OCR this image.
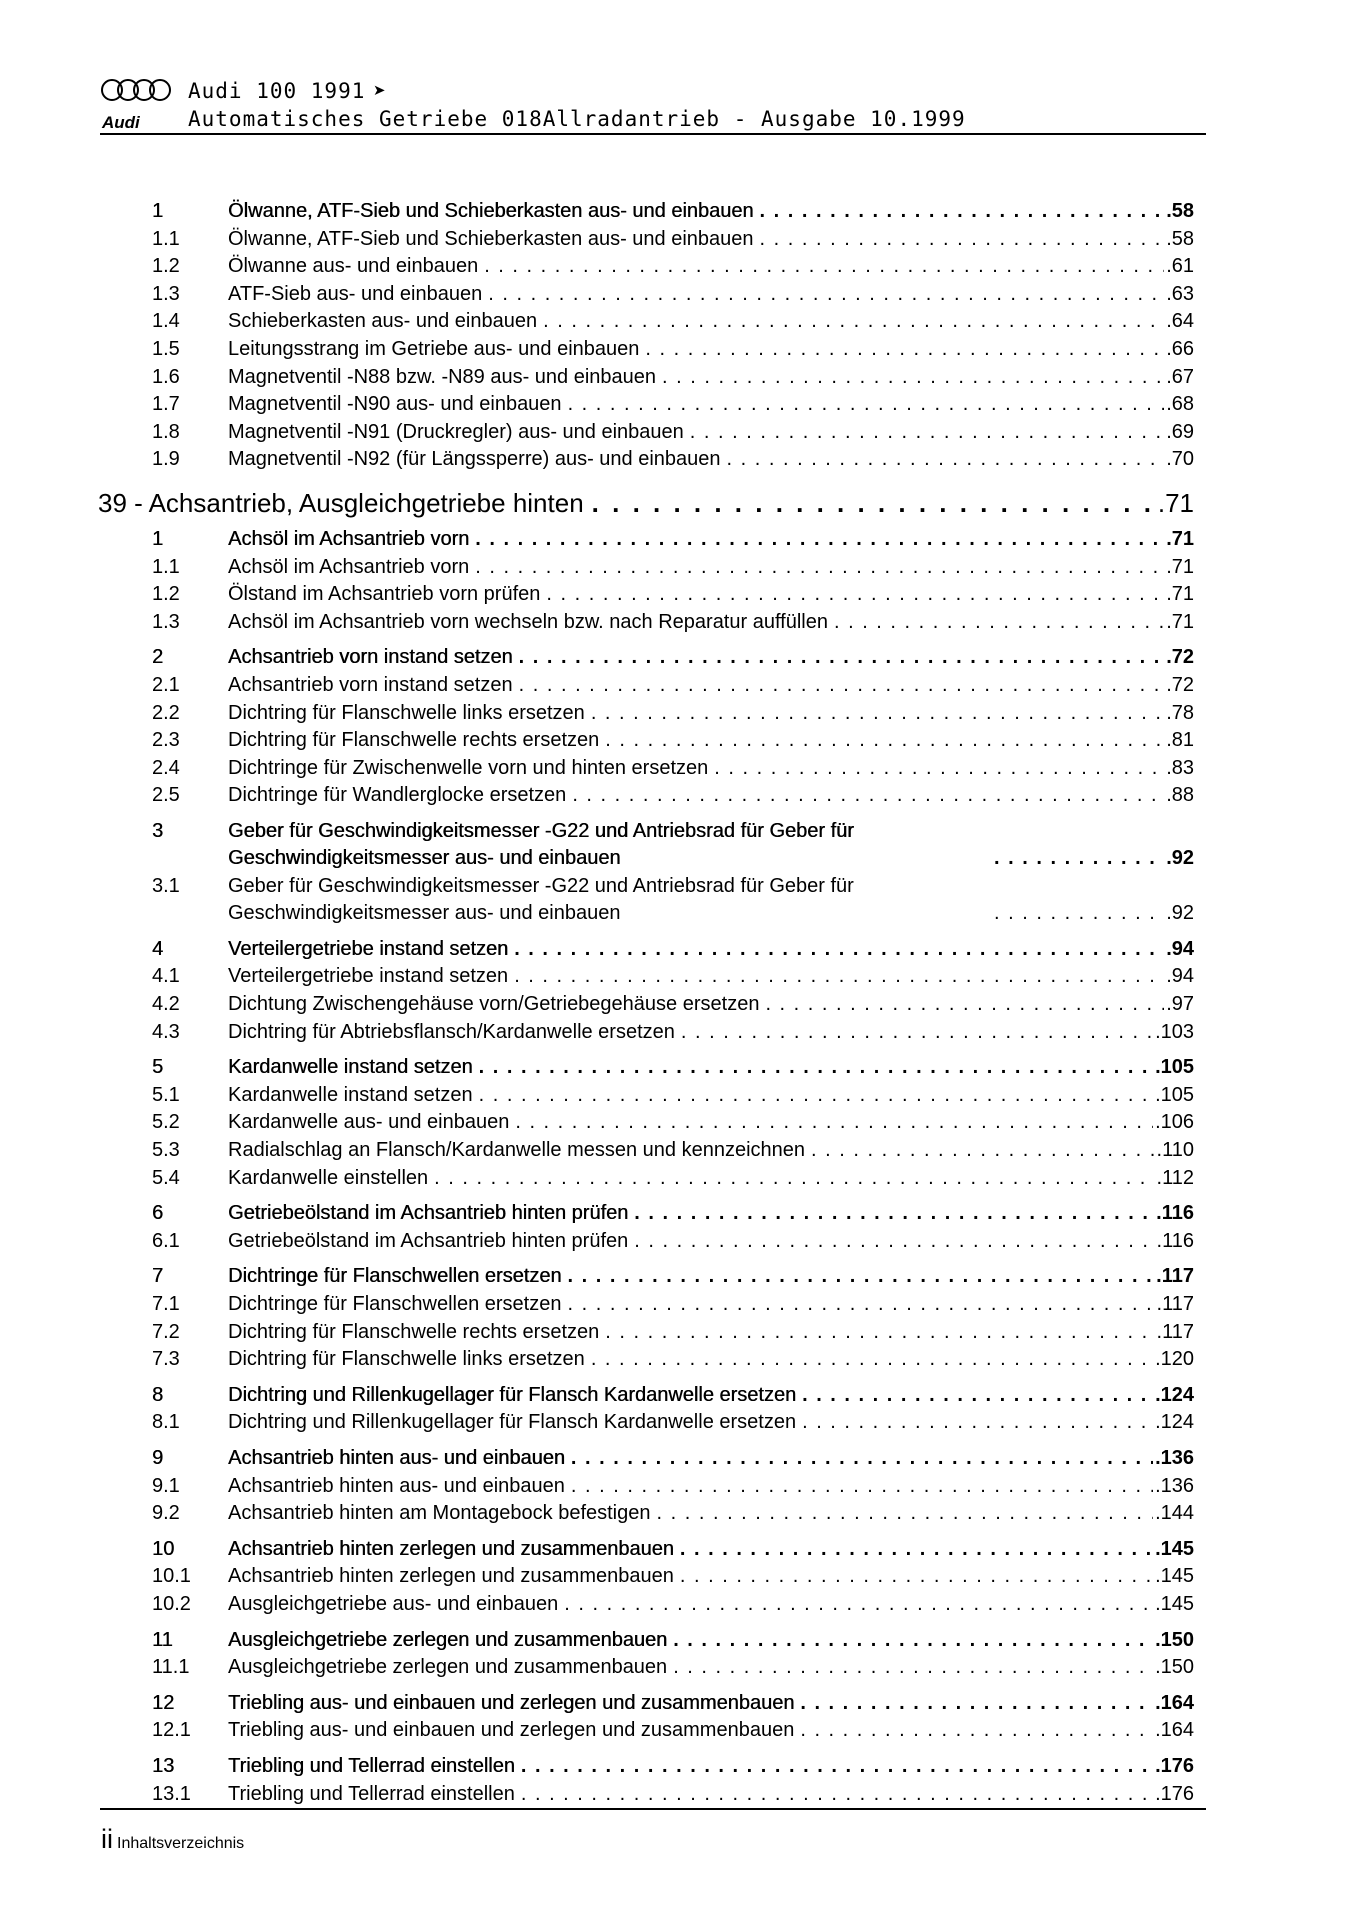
Audi
Audi 100 1991 ➤
Automatisches Getriebe 018Allradantrieb - Ausgabe 10.1999
1	Ölwanne, ATF-Sieb und Schieberkasten aus- und einbauen . . .	.58
1.1	Ölwanne, ATF-Sieb und Schieberkasten aus- und einbauen . . .	.58
1.2	Ölwanne aus- und einbauen . . .	.61
1.3	ATF-Sieb aus- und einbauen . . .	.63
1.4	Schieberkasten aus- und einbauen . . .	.64
1.5	Leitungsstrang im Getriebe aus- und einbauen . . .	.66
1.6	Magnetventil -N88 bzw. -N89 aus- und einbauen . . .	.67
1.7	Magnetventil -N90 aus- und einbauen . . .	.68
1.8	Magnetventil -N91 (Druckregler) aus- und einbauen . . .	.69
1.9	Magnetventil -N92 (für Längssperre) aus- und einbauen . . .	.70
39 - Achsantrieb, Ausgleichgetriebe hinten . . .	.71
1	Achsöl im Achsantrieb vorn . . .	.71
1.1	Achsöl im Achsantrieb vorn . . .	.71
1.2	Ölstand im Achsantrieb vorn prüfen . . .	.71
1.3	Achsöl im Achsantrieb vorn wechseln bzw. nach Reparatur auffüllen . . .	.71
2	Achsantrieb vorn instand setzen . . .	.72
2.1	Achsantrieb vorn instand setzen . . .	.72
2.2	Dichtring für Flanschwelle links ersetzen . . .	.78
2.3	Dichtring für Flanschwelle rechts ersetzen . . .	.81
2.4	Dichtringe für Zwischenwelle vorn und hinten ersetzen . . .	.83
2.5	Dichtringe für Wandlerglocke ersetzen . . .	.88
3	Geber für Geschwindigkeitsmesser -G22 und Antriebsrad für Geber für Geschwindigkeitsmesser aus- und einbauen . . .	.92
3.1	Geber für Geschwindigkeitsmesser -G22 und Antriebsrad für Geber für Geschwindigkeitsmesser aus- und einbauen . . .	.92
4	Verteilergetriebe instand setzen . . .	.94
4.1	Verteilergetriebe instand setzen . . .	.94
4.2	Dichtung Zwischengehäuse vorn/Getriebegehäuse ersetzen . . .	.97
4.3	Dichtring für Abtriebsflansch/Kardanwelle ersetzen . . .	.103
5	Kardanwelle instand setzen . . .	.105
5.1	Kardanwelle instand setzen . . .	.105
5.2	Kardanwelle aus- und einbauen . . .	.106
5.3	Radialschlag an Flansch/Kardanwelle messen und kennzeichnen . . .	.110
5.4	Kardanwelle einstellen . . .	.112
6	Getriebeölstand im Achsantrieb hinten prüfen . . .	.116
6.1	Getriebeölstand im Achsantrieb hinten prüfen . . .	.116
7	Dichtringe für Flanschwellen ersetzen . . .	.117
7.1	Dichtringe für Flanschwellen ersetzen . . .	.117
7.2	Dichtring für Flanschwelle rechts ersetzen . . .	.117
7.3	Dichtring für Flanschwelle links ersetzen . . .	.120
8	Dichtring und Rillenkugellager für Flansch Kardanwelle ersetzen . . .	.124
8.1	Dichtring und Rillenkugellager für Flansch Kardanwelle ersetzen . . .	.124
9	Achsantrieb hinten aus- und einbauen . . .	.136
9.1	Achsantrieb hinten aus- und einbauen . . .	.136
9.2	Achsantrieb hinten am Montagebock befestigen . . .	.144
10	Achsantrieb hinten zerlegen und zusammenbauen . . .	.145
10.1	Achsantrieb hinten zerlegen und zusammenbauen . . .	.145
10.2	Ausgleichgetriebe aus- und einbauen . . .	.145
11	Ausgleichgetriebe zerlegen und zusammenbauen . . .	.150
11.1	Ausgleichgetriebe zerlegen und zusammenbauen . . .	.150
12	Triebling aus- und einbauen und zerlegen und zusammenbauen . . .	.164
12.1	Triebling aus- und einbauen und zerlegen und zusammenbauen . . .	.164
13	Triebling und Tellerrad einstellen . . .	.176
13.1	Triebling und Tellerrad einstellen . . .	.176
ii Inhaltsverzeichnis
